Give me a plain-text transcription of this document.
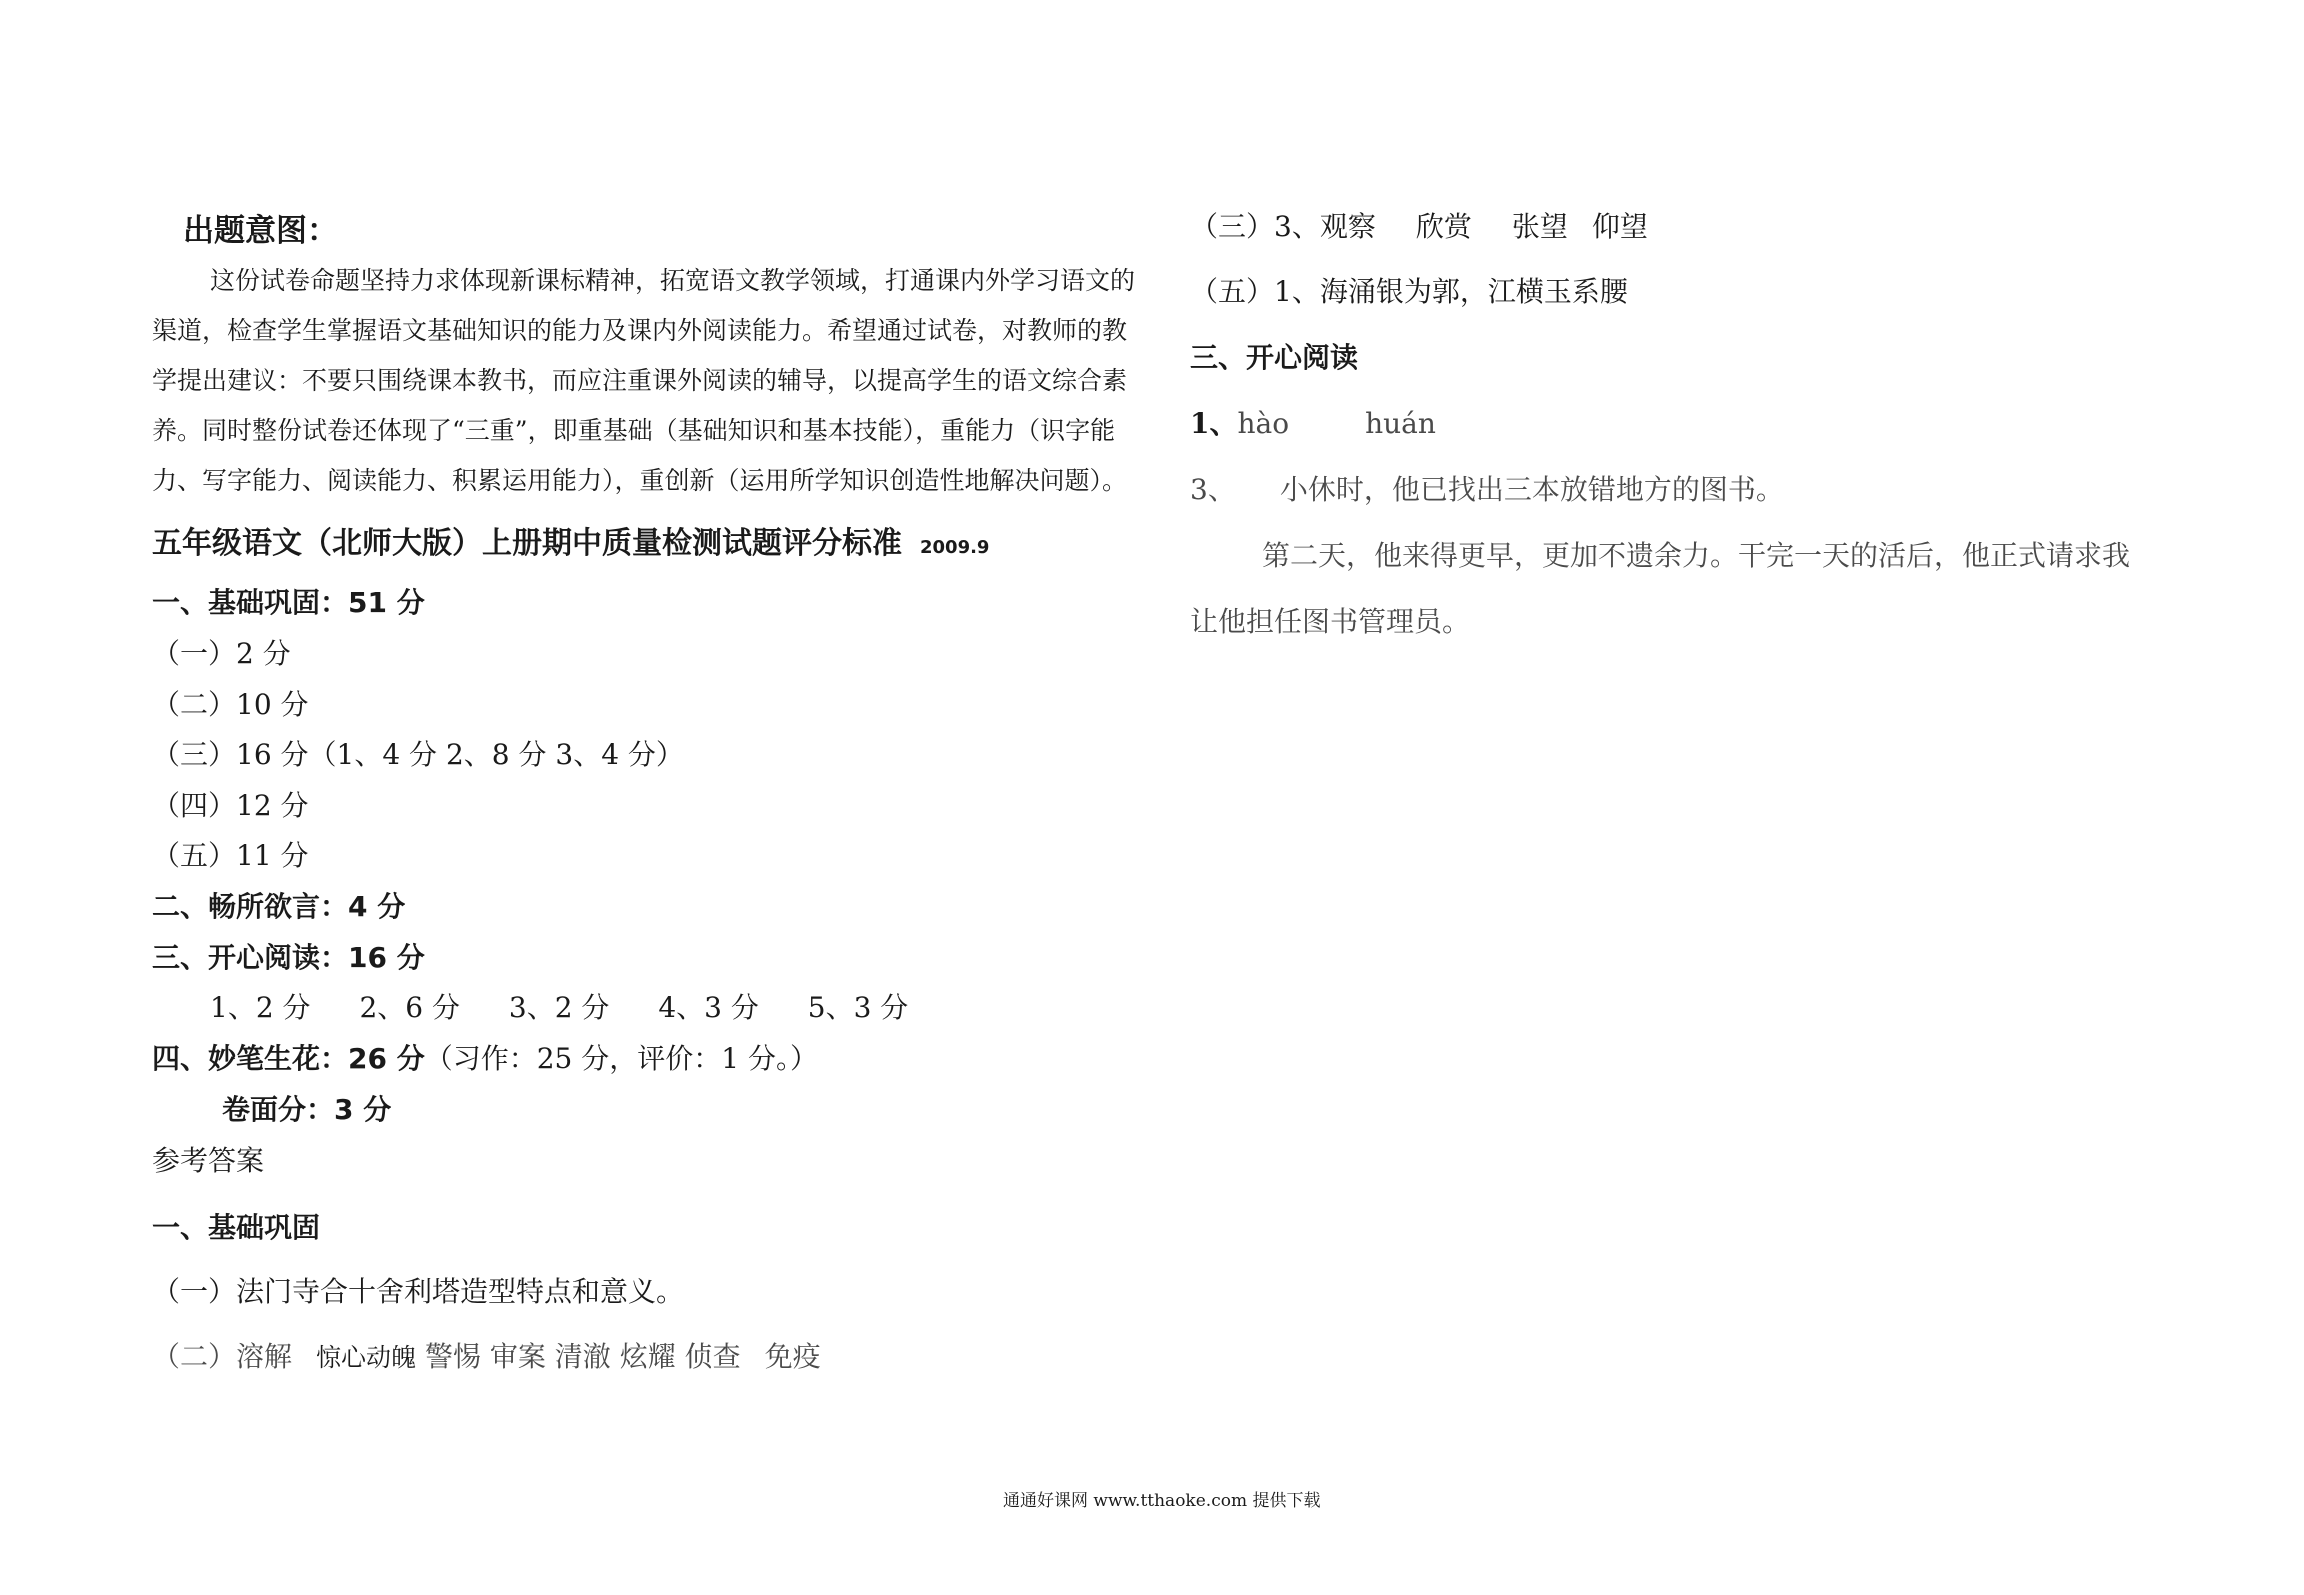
出题意图：
这份试卷命题坚持力求体现新课标精神，拓宽语文教学领域，打通课内外学习语文的渠道，检查学生掌握语文基础知识的能力及课内外阅读能力。希望通过试卷，对教师的教学提出建议：不要只围绕课本教书，而应注重课外阅读的辅导，以提高学生的语文综合素养。同时整份试卷还体现了“三重”，即重基础（基础知识和基本技能），重能力（识字能力、写字能力、阅读能力、积累运用能力），重创新（运用所学知识创造性地解决问题）。
五年级语文（北师大版）上册期中质量检测试题评分标准 2009.9
一、基础巩固：51 分
（一）2 分
（二）10 分
（三）16 分（1、4 分 2、8 分 3、4 分）
（四）12 分
（五）11 分
二、畅所欲言：4 分
三、开心阅读：16 分
1、2 分 2、6 分 3、2 分 4、3 分 5、3 分
四、妙笔生花：26 分（习作：25 分，评价：1 分。）
卷面分：3 分
参考答案
一、基础巩固
（一）法门寺合十舍利塔造型特点和意义。
（二）溶解 惊心动魄 警惕 审案 清澈 炫耀 侦查 免疫
（三）3、观察 欣赏 张望 仰望
（五）1、海涌银为郭，江横玉系腰
三、开心阅读
1、hào	huán
3、 小休时，他已找出三本放错地方的图书。
第二天，他来得更早，更加不遗余力。干完一天的活后，他正式请求我
让他担任图书管理员。
通通好课网 www.tthaoke.com 提供下载
